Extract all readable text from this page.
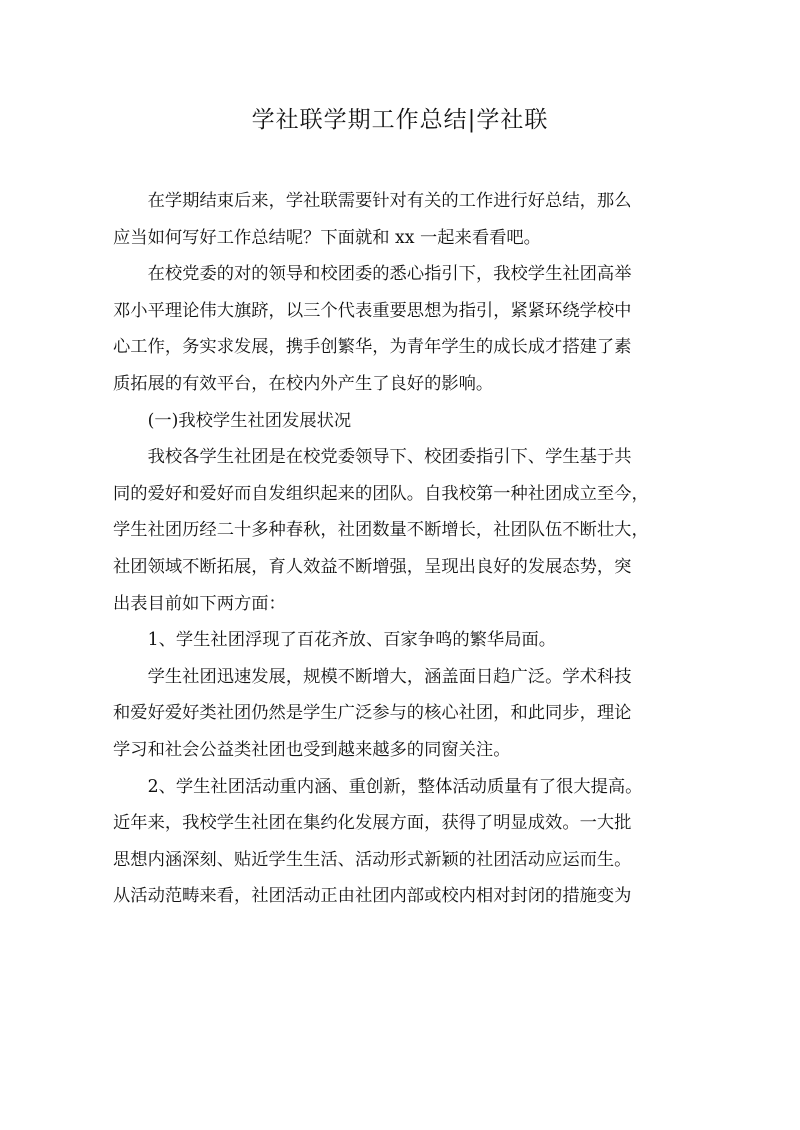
学社联学期工作总结|学社联

在学期结束后来，学社联需要针对有关的工作进行好总结，那么
应当如何写好工作总结呢？下面就和 xx 一起来看看吧。

在校党委的对的领导和校团委的悉心指引下，我校学生社团高举
邓小平理论伟大旗跻，以三个代表重要思想为指引，紧紧环绕学校中
心工作，务实求发展，携手创繁华，为青年学生的成长成才搭建了素
质拓展的有效平台，在校内外产生了良好的影响。

(一)我校学生社团发展状况

我校各学生社团是在校党委领导下、校团委指引下、学生基于共
同的爱好和爱好而自发组织起来的团队。自我校第一种社团成立至今，
学生社团历经二十多种春秋，社团数量不断增长，社团队伍不断壮大，
社团领域不断拓展，育人效益不断增强，呈现出良好的发展态势，突
出表目前如下两方面：

1、学生社团浮现了百花齐放、百家争鸣的繁华局面。

学生社团迅速发展，规模不断增大，涵盖面日趋广泛。学术科技
和爱好爱好类社团仍然是学生广泛参与的核心社团，和此同步，理论
学习和社会公益类社团也受到越来越多的同窗关注。

2、学生社团活动重内涵、重创新，整体活动质量有了很大提高。
近年来，我校学生社团在集约化发展方面，获得了明显成效。一大批
思想内涵深刻、贴近学生生活、活动形式新颖的社团活动应运而生。
从活动范畴来看，社团活动正由社团内部或校内相对封闭的措施变为
